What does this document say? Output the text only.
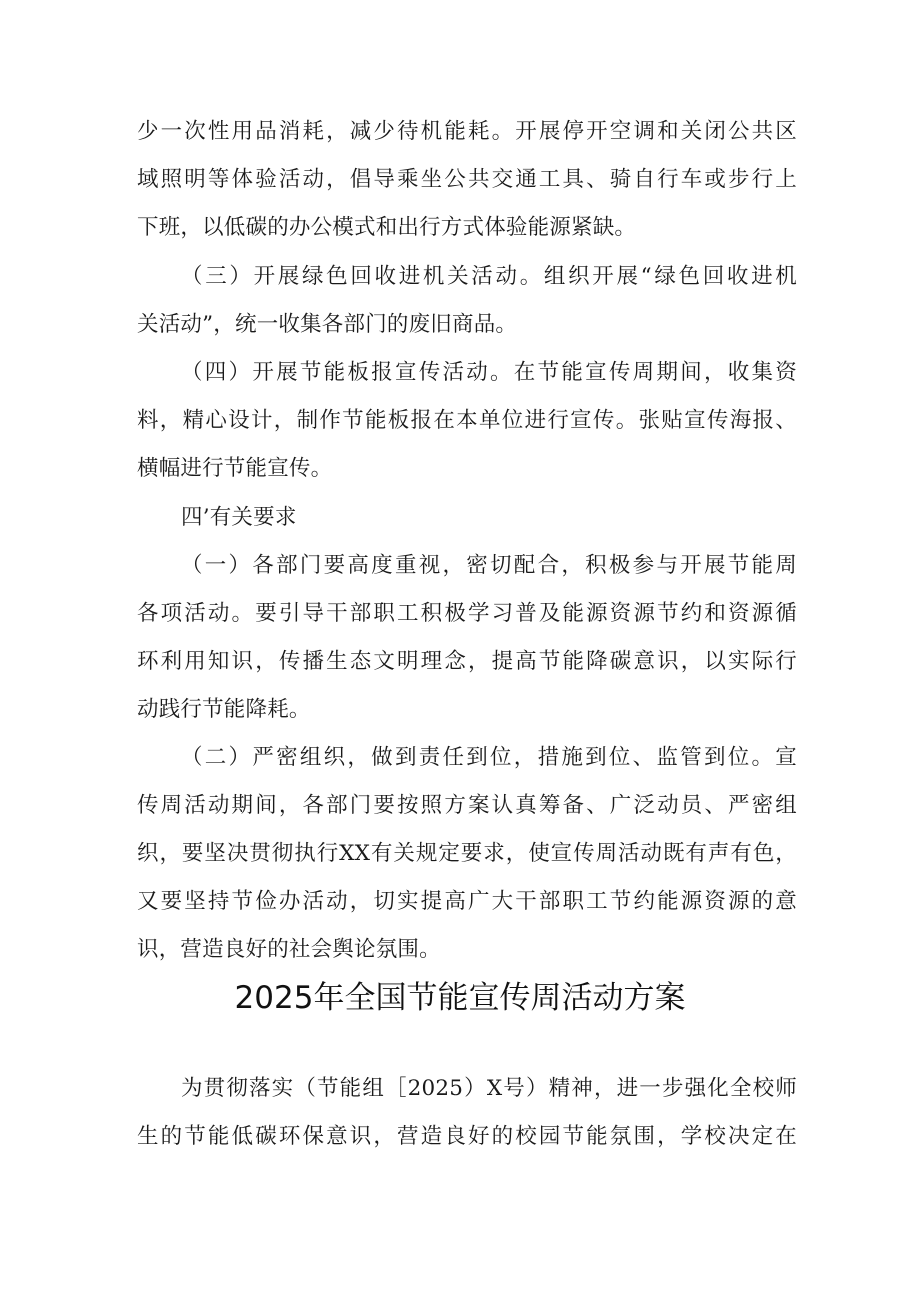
少一次性用品消耗，减少待机能耗。开展停开空调和关闭公共区
域照明等体验活动，倡导乘坐公共交通工具、骑自行车或步行上
下班，以低碳的办公模式和出行方式体验能源紧缺。
（三）开展绿色回收进机关活动。组织开展“绿色回收进机
关活动”，统一收集各部门的废旧商品。
（四）开展节能板报宣传活动。在节能宣传周期间，收集资
料，精心设计，制作节能板报在本单位进行宣传。张贴宣传海报、
横幅进行节能宣传。
四’有关要求
（一）各部门要高度重视，密切配合，积极参与开展节能周
各项活动。要引导干部职工积极学习普及能源资源节约和资源循
环利用知识，传播生态文明理念，提高节能降碳意识，以实际行
动践行节能降耗。
（二）严密组织，做到责任到位，措施到位、监管到位。宣
传周活动期间，各部门要按照方案认真筹备、广泛动员、严密组
织，要坚决贯彻执行XX有关规定要求，使宣传周活动既有声有色，
又要坚持节俭办活动，切实提高广大干部职工节约能源资源的意
识，营造良好的社会舆论氛围。
2025年全国节能宣传周活动方案
为贯彻落实（节能组［2025）X号）精神，进一步强化全校师
生的节能低碳环保意识，营造良好的校园节能氛围，学校决定在
